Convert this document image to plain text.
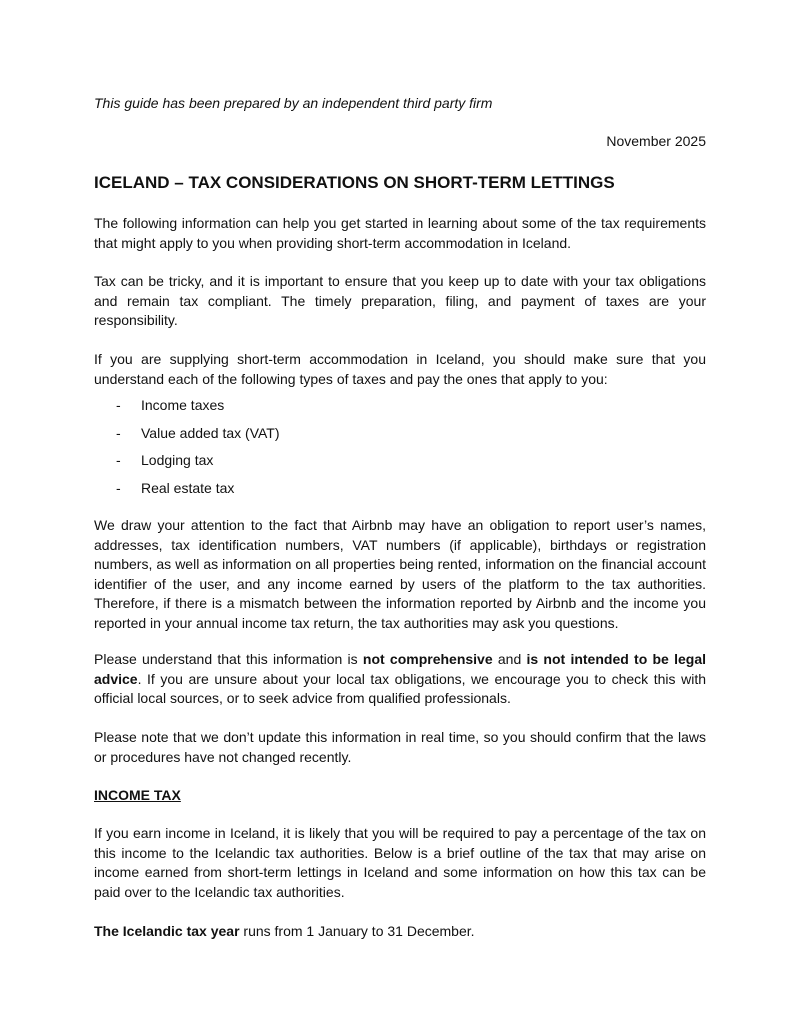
This guide has been prepared by an independent third party firm

November 2025

ICELAND – TAX CONSIDERATIONS ON SHORT-TERM LETTINGS

The following information can help you get started in learning about some of the tax requirements that might apply to you when providing short-term accommodation in Iceland.

Tax can be tricky, and it is important to ensure that you keep up to date with your tax obligations and remain tax compliant. The timely preparation, filing, and payment of taxes are your responsibility.

If you are supplying short-term accommodation in Iceland, you should make sure that you understand each of the following types of taxes and pay the ones that apply to you:

-	Income taxes
-	Value added tax (VAT)
-	Lodging tax
-	Real estate tax

We draw your attention to the fact that Airbnb may have an obligation to report user’s names, addresses, tax identification numbers, VAT numbers (if applicable), birthdays or registration numbers, as well as information on all properties being rented, information on the financial account identifier of the user, and any income earned by users of the platform to the tax authorities. Therefore, if there is a mismatch between the information reported by Airbnb and the income you reported in your annual income tax return, the tax authorities may ask you questions.

Please understand that this information is not comprehensive and is not intended to be legal advice. If you are unsure about your local tax obligations, we encourage you to check this with official local sources, or to seek advice from qualified professionals.

Please note that we don’t update this information in real time, so you should confirm that the laws or procedures have not changed recently.

INCOME TAX

If you earn income in Iceland, it is likely that you will be required to pay a percentage of the tax on this income to the Icelandic tax authorities. Below is a brief outline of the tax that may arise on income earned from short-term lettings in Iceland and some information on how this tax can be paid over to the Icelandic tax authorities.

The Icelandic tax year runs from 1 January to 31 December.
